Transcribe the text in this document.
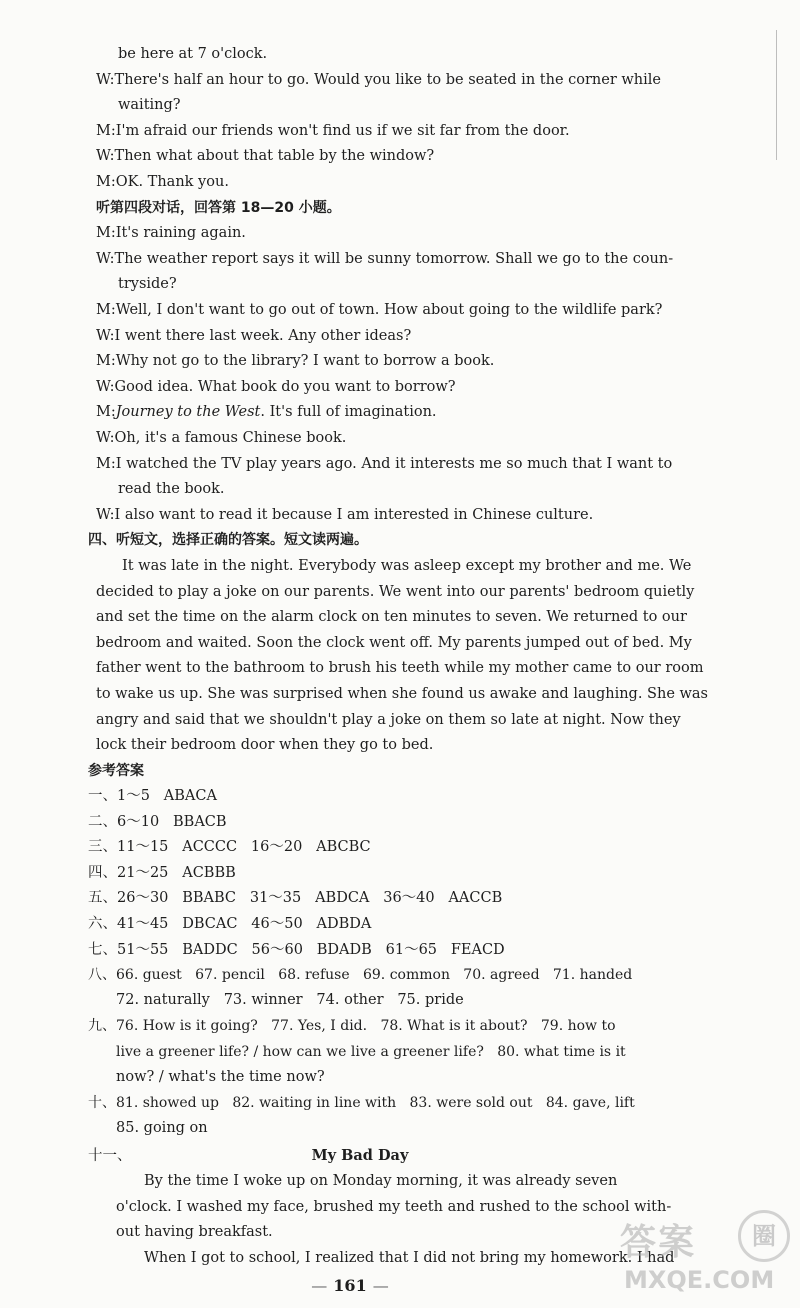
be here at 7 o'clock.
W:There's half an hour to go. Would you like to be seated in the corner while
waiting?
M:I'm afraid our friends won't find us if we sit far from the door.
W:Then what about that table by the window?
M:OK. Thank you.
听第四段对话，回答第 18—20 小题。
M:It's raining again.
W:The weather report says it will be sunny tomorrow. Shall we go to the coun-
tryside?
M:Well, I don't want to go out of town. How about going to the wildlife park?
W:I went there last week. Any other ideas?
M:Why not go to the library? I want to borrow a book.
W:Good idea. What book do you want to borrow?
M:Journey to the West. It's full of imagination.
W:Oh, it's a famous Chinese book.
M:I watched the TV play years ago. And it interests me so much that I want to
read the book.
W:I also want to read it because I am interested in Chinese culture.
四、听短文，选择正确的答案。短文读两遍。
It was late in the night. Everybody was asleep except my brother and me. We
decided to play a joke on our parents. We went into our parents' bedroom quietly
and set the time on the alarm clock on ten minutes to seven. We returned to our
bedroom and waited. Soon the clock went off. My parents jumped out of bed. My
father went to the bathroom to brush his teeth while my mother came to our room
to wake us up. She was surprised when she found us awake and laughing. She was
angry and said that we shouldn't play a joke on them so late at night. Now they
lock their bedroom door when they go to bed.
参考答案
一、1～5   ABACA
二、6～10   BBACB
三、11～15   ACCCC   16～20   ABCBC
四、21～25   ACBBB
五、26～30   BBABC   31～35   ABDCA   36～40   AACCB
六、41～45   DBCAC   46～50   ADBDA
七、51～55   BADDC   56～60   BDADB   61～65   FEACD
八、66. guest   67. pencil   68. refuse   69. common   70. agreed   71. handed
72. naturally   73. winner   74. other   75. pride
九、76. How is it going?   77. Yes, I did.   78. What is it about?   79. how to
live a greener life? / how can we live a greener life?   80. what time is it
now? / what's the time now?
十、81. showed up   82. waiting in line with   83. were sold out   84. gave, lift
85. going on
十一、	My Bad Day
By the time I woke up on Monday morning, it was already seven
o'clock. I washed my face, brushed my teeth and rushed to the school with-
out having breakfast.
When I got to school, I realized that I did not bring my homework. I had
— 161 —
答案	圈
MXQE.COM
